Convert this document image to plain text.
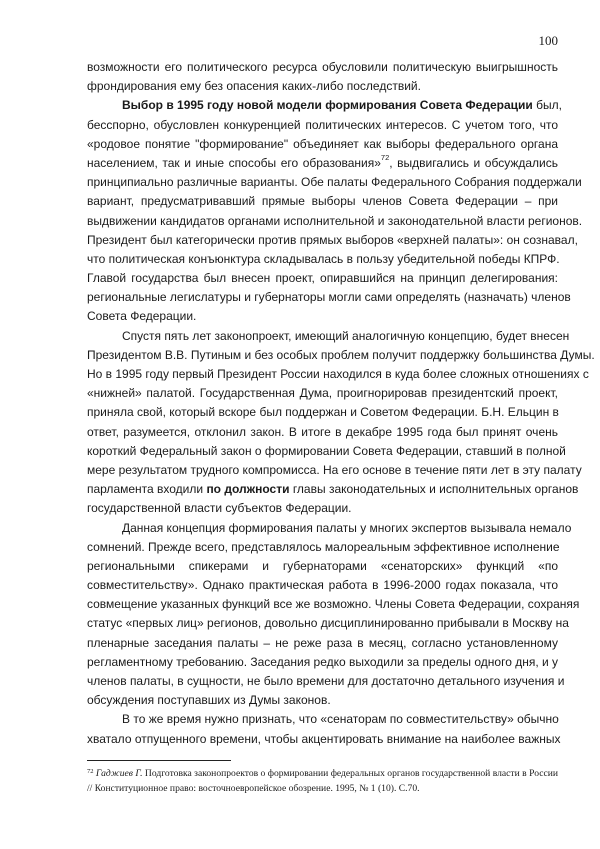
100
возможности его политического ресурса обусловили политическую выигрышность
фрондирования ему без опасения каких-либо последствий.
Выбор в 1995 году новой модели формирования Совета Федерации был,
бесспорно, обусловлен конкуренцией политических интересов. С учетом того, что
«родовое понятие "формирование" объединяет как выборы федерального органа
населением, так и иные способы его образования»$^{72}$, выдвигались и обсуждались
принципиально различные варианты. Обе палаты Федерального Собрания поддержали
вариант, предусматривавший прямые выборы членов Совета Федерации – при
выдвижении кандидатов органами исполнительной и законодательной власти регионов.
Президент был категорически против прямых выборов «верхней палаты»: он сознавал,
что политическая конъюнктура складывалась в пользу убедительной победы КПРФ.
Главой государства был внесен проект, опиравшийся на принцип делегирования:
региональные легислатуры и губернаторы могли сами определять (назначать) членов
Совета Федерации.
Спустя пять лет законопроект, имеющий аналогичную концепцию, будет внесен
Президентом В.В. Путиным и без особых проблем получит поддержку большинства Думы.
Но в 1995 году первый Президент России находился в куда более сложных отношениях с
«нижней» палатой. Государственная Дума, проигнорировав президентский проект,
приняла свой, который вскоре был поддержан и Советом Федерации. Б.Н. Ельцин в
ответ, разумеется, отклонил закон. В итоге в декабре 1995 года был принят очень
короткий Федеральный закон о формировании Совета Федерации, ставший в полной
мере результатом трудного компромисса. На его основе в течение пяти лет в эту палату
парламента входили по должности главы законодательных и исполнительных органов
государственной власти субъектов Федерации.
Данная концепция формирования палаты у многих экспертов вызывала немало
сомнений. Прежде всего, представлялось малореальным эффективное исполнение
региональными спикерами и губернаторами «сенаторских» функций «по
совместительству». Однако практическая работа в 1996-2000 годах показала, что
совмещение указанных функций все же возможно. Члены Совета Федерации, сохраняя
статус «первых лиц» регионов, довольно дисциплинированно прибывали в Москву на
пленарные заседания палаты – не реже раза в месяц, согласно установленному
регламентному требованию. Заседания редко выходили за пределы одного дня, и у
членов палаты, в сущности, не было времени для достаточно детального изучения и
обсуждения поступавших из Думы законов.
В то же время нужно признать, что «сенаторам по совместительству» обычно
хватало отпущенного времени, чтобы акцентировать внимание на наиболее важных
$^{72}$ Гаджиев Г. Подготовка законопроектов о формировании федеральных органов государственной власти в России // Конституционное право: восточноевропейское обозрение. 1995, № 1 (10). С.70.
